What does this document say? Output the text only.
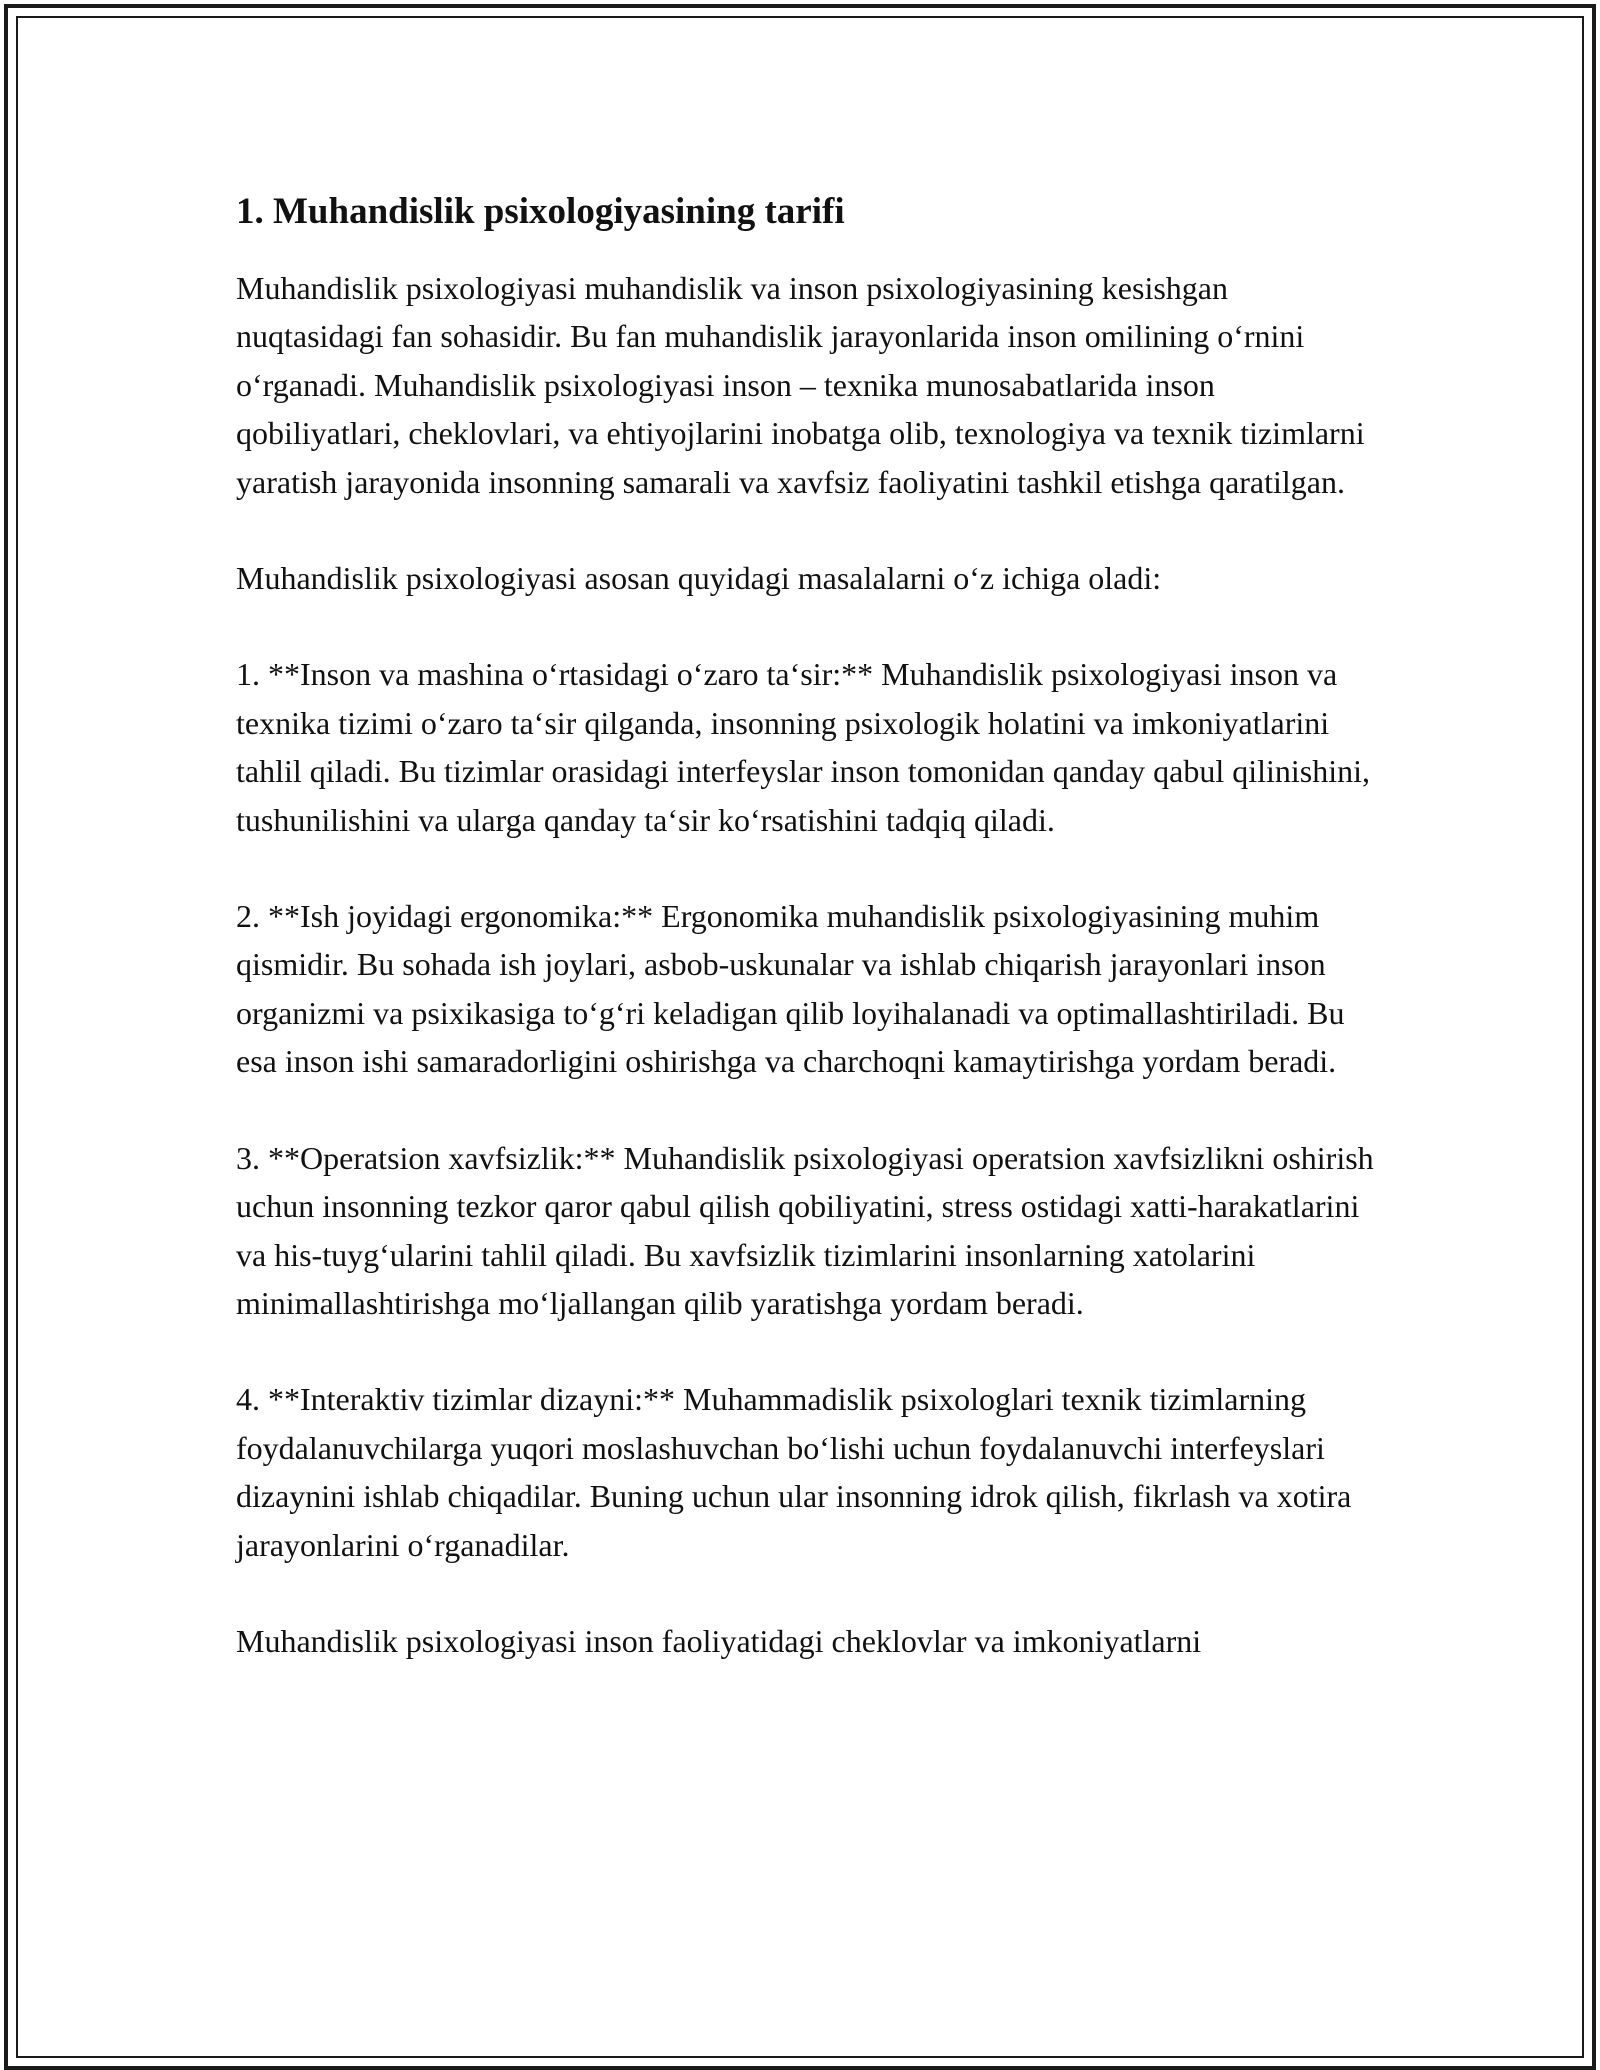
1. Muhandislik psixologiyasining tarifi

Muhandislik psixologiyasi muhandislik va inson psixologiyasining kesishgan nuqtasidagi fan sohasidir. Bu fan muhandislik jarayonlarida inson omilining oʻrnini oʻrganadi. Muhandislik psixologiyasi inson – texnika munosabatlarida inson qobiliyatlari, cheklovlari, va ehtiyojlarini inobatga olib, texnologiya va texnik tizimlarni yaratish jarayonida insonning samarali va xavfsiz faoliyatini tashkil etishga qaratilgan.

Muhandislik psixologiyasi asosan quyidagi masalalarni oʻz ichiga oladi:

1. **Inson va mashina oʻrtasidagi oʻzaro taʻsir:** Muhandislik psixologiyasi inson va texnika tizimi oʻzaro taʻsir qilganda, insonning psixologik holatini va imkoniyatlarini tahlil qiladi. Bu tizimlar orasidagi interfeyslar inson tomonidan qanday qabul qilinishini, tushunilishini va ularga qanday taʻsir koʻrsatishini tadqiq qiladi.

2. **Ish joyidagi ergonomika:** Ergonomika muhandislik psixologiyasining muhim qismidir. Bu sohada ish joylari, asbob-uskunalar va ishlab chiqarish jarayonlari inson organizmi va psixikasiga toʻgʻri keladigan qilib loyihalanadi va optimallashtiriladi. Bu esa inson ishi samaradorligini oshirishga va charchoqni kamaytirishga yordam beradi.

3. **Operatsion xavfsizlik:** Muhandislik psixologiyasi operatsion xavfsizlikni oshirish uchun insonning tezkor qaror qabul qilish qobiliyatini, stress ostidagi xatti-harakatlarini va his-tuygʻularini tahlil qiladi. Bu xavfsizlik tizimlarini insonlarning xatolarini minimallashtirishga moʻljallangan qilib yaratishga yordam beradi.

4. **Interaktiv tizimlar dizayni:** Muhammadislik psixologlari texnik tizimlarning foydalanuvchilarga yuqori moslashuvchan boʻlishi uchun foydalanuvchi interfeyslari dizaynini ishlab chiqadilar. Buning uchun ular insonning idrok qilish, fikrlash va xotira jarayonlarini oʻrganadilar.

Muhandislik psixologiyasi inson faoliyatidagi cheklovlar va imkoniyatlarni
